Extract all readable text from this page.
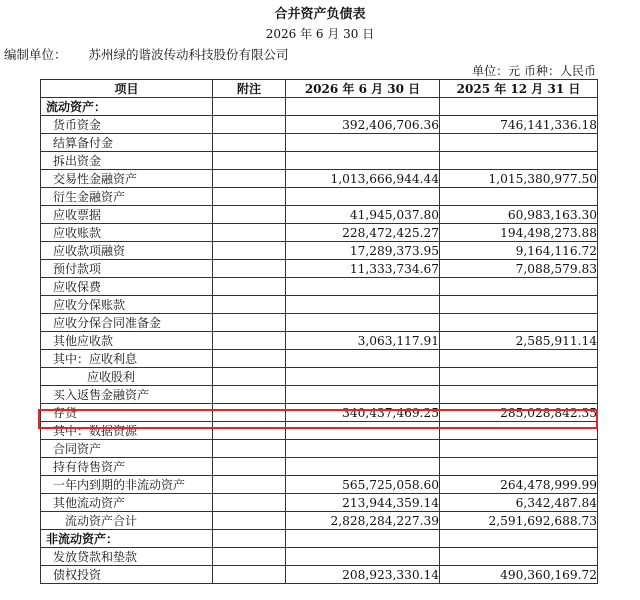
合并资产负债表
2026 年 6 月 30 日
编制单位： 苏州绿的谐波传动科技股份有限公司
单位：元 币种：人民币
项目	附注	2026 年 6 月 30 日	2025 年 12 月 31 日
流动资产：			
货币资金		392,406,706.36	746,141,336.18
结算备付金			
拆出资金			
交易性金融资产		1,013,666,944.44	1,015,380,977.50
衍生金融资产			
应收票据		41,945,037.80	60,983,163.30
应收账款		228,472,425.27	194,498,273.88
应收款项融资		17,289,373.95	9,164,116.72
预付款项		11,333,734.67	7,088,579.83
应收保费			
应收分保账款			
应收分保合同准备金			
其他应收款		3,063,117.91	2,585,911.14
其中：应收利息			
应收股利			
买入返售金融资产			
存货		340,437,469.25	285,028,842.35
其中：数据资源			
合同资产			
持有待售资产			
一年内到期的非流动资产		565,725,058.60	264,478,999.99
其他流动资产		213,944,359.14	6,342,487.84
流动资产合计		2,828,284,227.39	2,591,692,688.73
非流动资产：			
发放贷款和垫款			
债权投资		208,923,330.14	490,360,169.72
